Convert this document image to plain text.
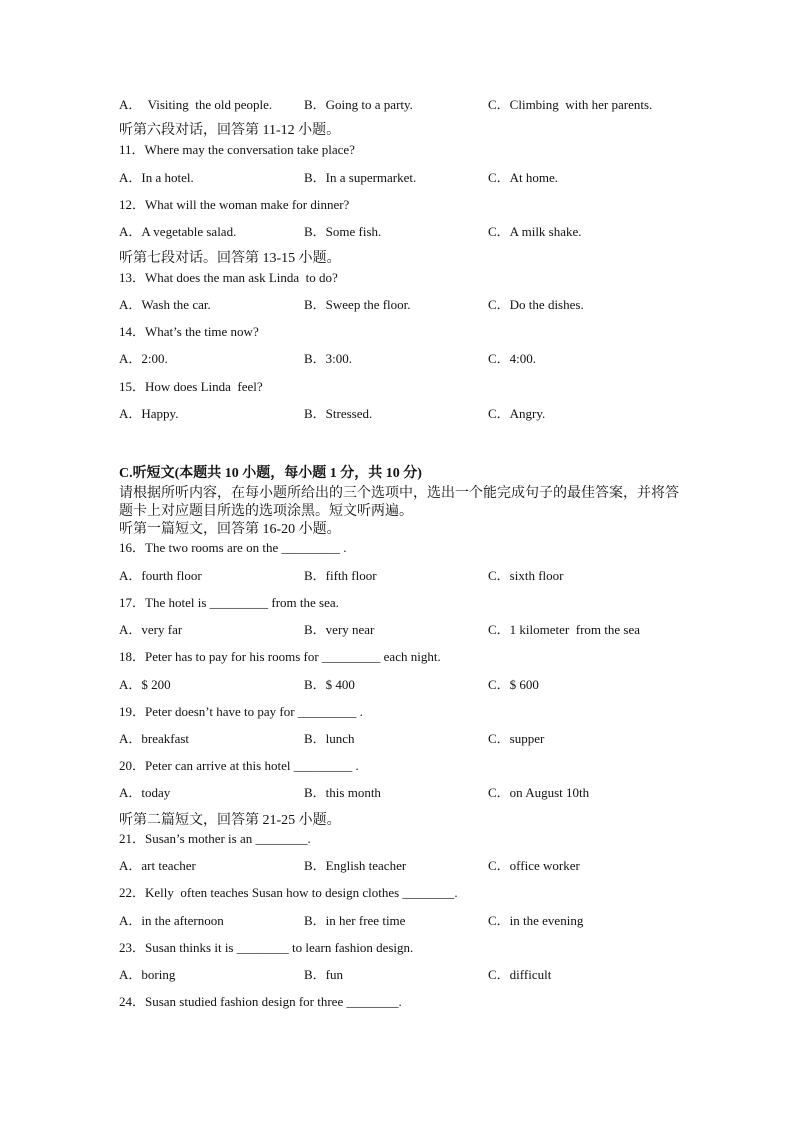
A．  Visiting  the old people.

B．Going to a party.

	C．Climbing  with her parents.

听第六段对话，回答第 11-12 小题。
11．Where may the conversation take place?

A．In a hotel.

	B．In a supermarket.

	C．At home.

12．What will the woman make for dinner?

A．A vegetable salad.

	B．Some fish.

	C．A milk shake.

听第七段对话。回答第 13-15 小题。
13．What does the man ask Linda  to do?

A．Wash the car.

	B．Sweep the floor.

	C．Do the dishes.

14．What’s the time now?

A．2:00.

	B．3:00.

	C．4:00.

15．How does Linda  feel?

A．Happy.

	B．Stressed.

	C．Angry.

C.听短文(本题共 10 小题，每小题 1 分，共 10 分)
请根据所听内容，在每小题所给出的三个选项中，选出一个能完成句子的最佳答案，并将答
题卡上对应题目所选的选项涂黑。短文听两遍。
听第一篇短文，回答第 16-20 小题。
16．The two rooms are on the _________ .

A．fourth floor

	B．fifth floor

	C．sixth floor

17．The hotel is _________ from the sea.

A．very far

	B．very near

	C．1 kilometer  from the sea

18．Peter has to pay for his rooms for _________ each night.

A．$ 200

	B．$ 400

	C．$ 600

19．Peter doesn’t have to pay for _________ .

A．breakfast

	B．lunch

	C．supper

20．Peter can arrive at this hotel _________ .

A．today

	B．this month

	C．on August 10th

听第二篇短文，回答第 21-25 小题。
21．Susan’s mother is an ________.

A．art teacher

	B．English teacher

	C．office worker

22．Kelly  often teaches Susan how to design clothes ________.

A．in the afternoon

	B．in her free time

	C．in the evening

23．Susan thinks it is ________ to learn fashion design.

A．boring

	B．fun

	C．difficult

24．Susan studied fashion design for three ________.
